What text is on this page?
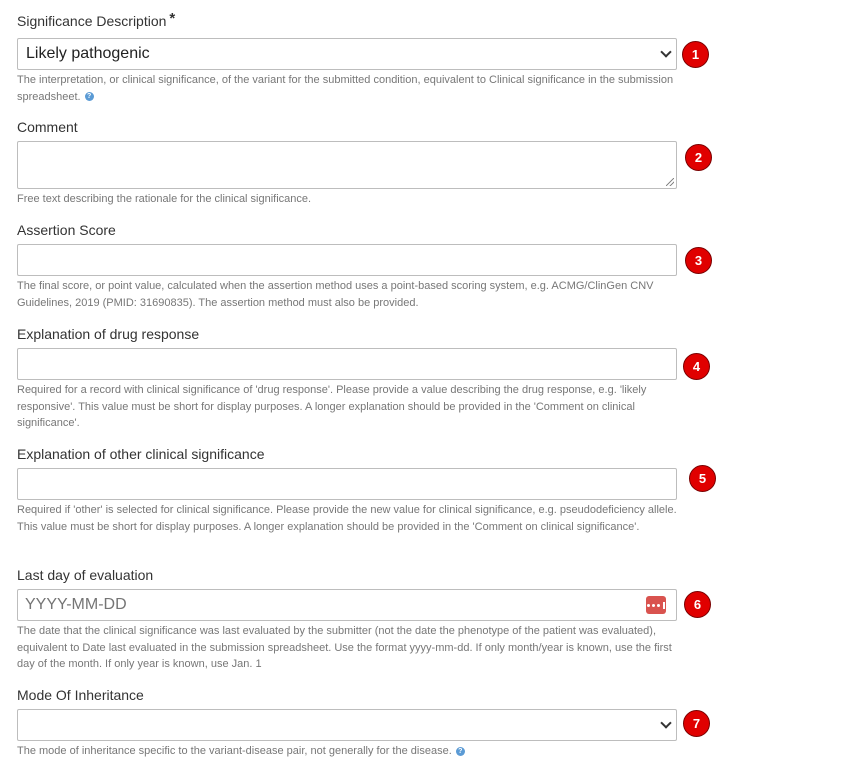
Significance Description *
Likely pathogenic
The interpretation, or clinical significance, of the variant for the submitted condition, equivalent to Clinical significance in the submission spreadsheet. ?
1
Comment
Free text describing the rationale for the clinical significance.
2
Assertion Score
The final score, or point value, calculated when the assertion method uses a point-based scoring system, e.g. ACMG/ClinGen CNV Guidelines, 2019 (PMID: 31690835). The assertion method must also be provided.
3
Explanation of drug response
Required for a record with clinical significance of 'drug response'. Please provide a value describing the drug response, e.g. 'likely responsive'. This value must be short for display purposes. A longer explanation should be provided in the 'Comment on clinical significance'.
4
Explanation of other clinical significance
Required if 'other' is selected for clinical significance. Please provide the new value for clinical significance, e.g. pseudodeficiency allele. This value must be short for display purposes. A longer explanation should be provided in the 'Comment on clinical significance'.
5
Last day of evaluation
YYYY-MM-DD
The date that the clinical significance was last evaluated by the submitter (not the date the phenotype of the patient was evaluated), equivalent to Date last evaluated in the submission spreadsheet. Use the format yyyy-mm-dd. If only month/year is known, use the first day of the month. If only year is known, use Jan. 1
6
Mode Of Inheritance
The mode of inheritance specific to the variant-disease pair, not generally for the disease. ?
7
